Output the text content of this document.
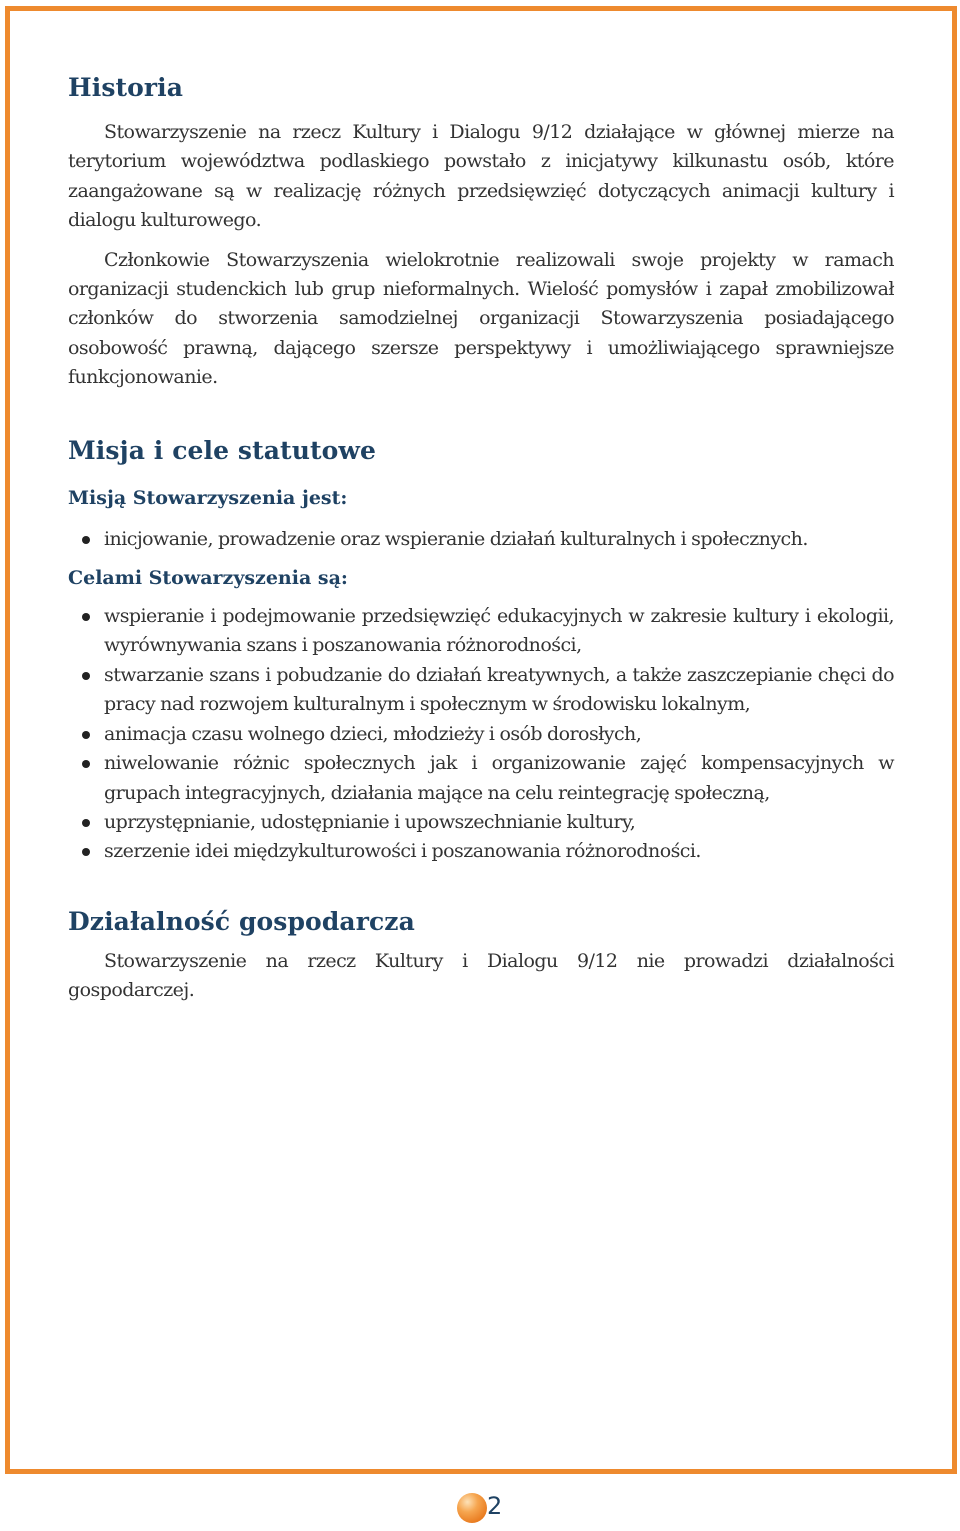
Historia

Stowarzyszenie na rzecz Kultury i Dialogu 9/12 działające w głównej mierze na terytorium województwa podlaskiego powstało z inicjatywy kilkunastu osób, które zaangażowane są w realizację różnych przedsięwzięć dotyczących animacji kultury i dialogu kulturowego.

Członkowie Stowarzyszenia wielokrotnie realizowali swoje projekty w ramach organizacji studenckich lub grup nieformalnych. Wielość pomysłów i zapał zmobilizował członków do stworzenia samodzielnej organizacji Stowarzyszenia posiadającego osobowość prawną, dającego szersze perspektywy i umożliwiającego sprawniejsze funkcjonowanie.

Misja i cele statutowe
Misją Stowarzyszenia jest:
inicjowanie, prowadzenie oraz wspieranie działań kulturalnych i społecznych.
Celami Stowarzyszenia są:
wspieranie i podejmowanie przedsięwzięć edukacyjnych w zakresie kultury i ekologii, wyrównywania szans i poszanowania różnorodności,
stwarzanie szans i pobudzanie do działań kreatywnych, a także zaszczepianie chęci do pracy nad rozwojem kulturalnym i społecznym w środowisku lokalnym,
animacja czasu wolnego dzieci, młodzieży i osób dorosłych,
niwelowanie różnic społecznych jak i organizowanie zajęć kompensacyjnych w grupach integracyjnych, działania mające na celu reintegrację społeczną,
uprzystępnianie, udostępnianie i upowszechnianie kultury,
szerzenie idei międzykulturowości i poszanowania różnorodności.
Działalność gospodarcza

Stowarzyszenie na rzecz Kultury i Dialogu 9/12 nie prowadzi działalności gospodarczej.

2
